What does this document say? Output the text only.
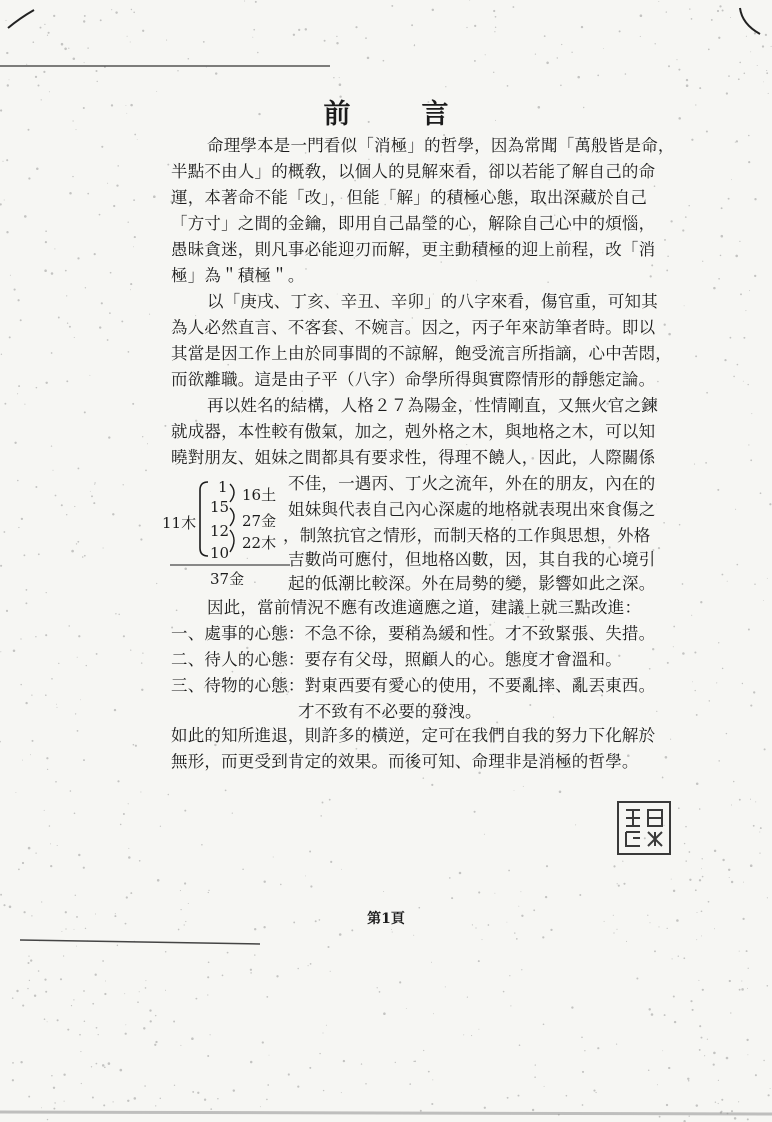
前　言
命理學本是一門看似「消極」的哲學，因為常聞「萬般皆是命，
半點不由人」的概敎，以個人的見解來看，卻以若能了解自己的命
運，本著命不能「改」，但能「解」的積極心態，取出深藏於自己
「方寸」之間的金鑰，即用自己晶瑩的心，解除自己心中的煩惱，
愚昧貪迷，則凡事必能迎刃而解，更主動積極的迎上前程，改「消
極」為＂積極＂。
以「庚戌、丁亥、辛丑、辛卯」的八字來看，傷官重，可知其
為人必然直言、不客套、不婉言。因之，丙子年來訪筆者時。即以
其當是因工作上由於同事間的不諒解，飽受流言所指謫，心中苦悶，
而欲離職。這是由子平（八字）命學所得與實際情形的靜態定論。
再以姓名的結構，人格２７為陽金，性情剛直，又無火官之鍊
就成器，本性較有傲氣，加之，剋外格之木，與地格之木，可以知
曉對朋友、姐妹之間都具有要求性，得理不饒人，因此，人際關係
不佳，一遇丙、丁火之流年，外在的朋友，內在的
姐妹與代表自己內心深處的地格就表現出來食傷之
，制煞抗官之情形，而制天格的工作與思想，外格
吉數尚可應付，但地格凶數，因，其自我的心境引
起的低潮比較深。外在局勢的變，影響如此之深。
11木
1
15
12
10
16土
27金
22木
37金
因此，當前情況不應有改進適應之道，建議上就三點改進：
一、處事的心態：不急不徐，要稍為緩和性。才不致緊張、失措。
二、待人的心態：要存有父母，照顧人的心。態度才會溫和。
三、待物的心態：對東西要有愛心的使用，不要亂摔、亂丟東西。
才不致有不必要的發洩。
如此的知所進退，則許多的橫逆，定可在我們自我的努力下化解於
無形，而更受到肯定的效果。而後可知、命理非是消極的哲學。
第1頁
